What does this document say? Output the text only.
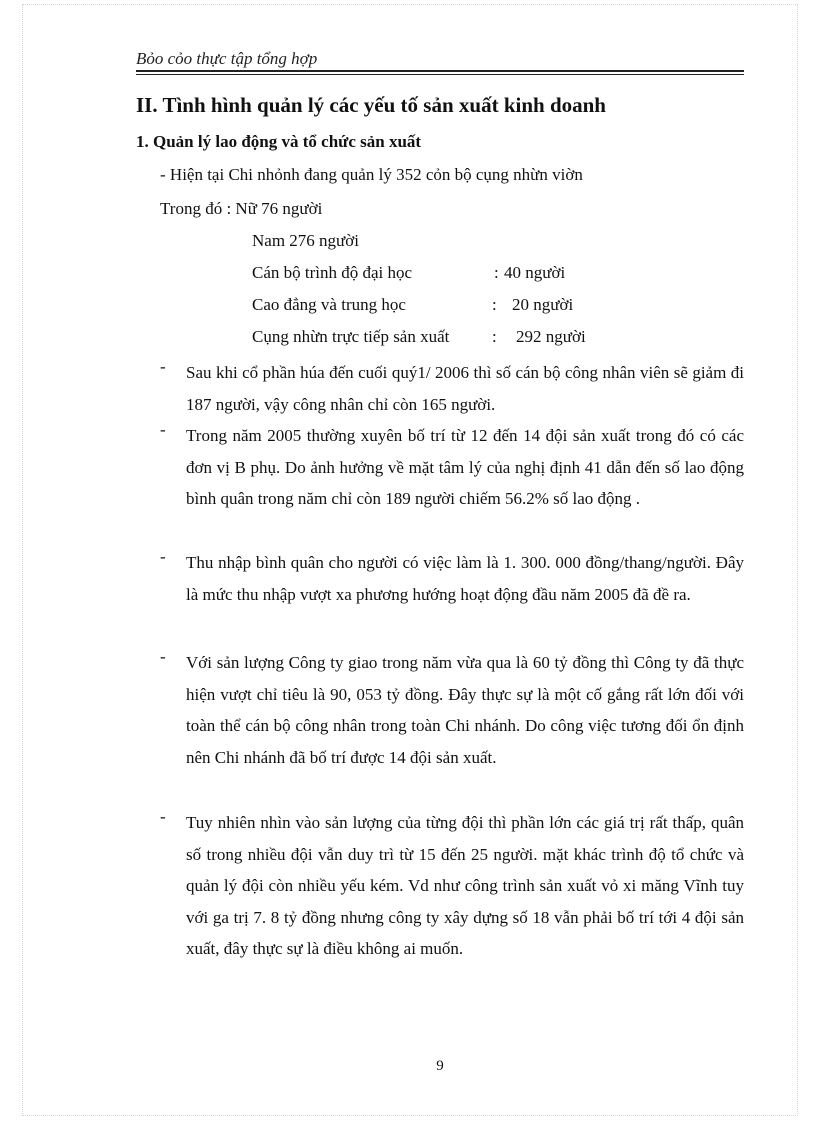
Bỏo cỏo thực tập tổng hợp
II. Tình hình quản lý các yếu tố sản xuất kinh doanh
1. Quản lý lao động và tổ chức sản xuất
- Hiện tại Chi nhỏnh đang quản lý 352 cỏn bộ cụng nhừn viờn
Trong đó : Nữ 76 người
Nam 276 người
Cán bộ trình độ đại học	: 40 người
Cao đẳng và trung học	: 20 người
Cụng nhừn trực tiếp sản xuất	: 292 người
- Sau khi cổ phần húa đến cuối quý1/ 2006 thì số cán bộ công nhân viên sẽ giảm đi 187 người, vậy công nhân chỉ còn 165 người.
- Trong năm 2005 thường xuyên bố trí từ 12 đến 14 đội sản xuất trong đó có các đơn vị B phụ. Do ảnh hưởng về mặt tâm lý của nghị định 41 dẫn đến số lao động bình quân trong năm chỉ còn 189 người chiếm 56.2% số lao động .
- Thu nhập bình quân cho người có việc làm là 1. 300. 000 đồng/thang/người. Đây là mức thu nhập vượt xa phương hướng hoạt động đầu năm 2005 đã đề ra.
- Với sản lượng Công ty giao trong năm vừa qua là 60 tỷ đồng thì Công ty đã thực hiện vượt chỉ tiêu là 90, 053 tỷ đồng. Đây thực sự là một cố gắng rất lớn đối với toàn thể cán bộ công nhân trong toàn Chi nhánh. Do công việc tương đối ổn định nên Chi nhánh đã bố trí được 14 đội sản xuất.
- Tuy nhiên nhìn vào sản lượng của từng đội thì phần lớn các giá trị rất thấp, quân số trong nhiều đội vẫn duy trì từ 15 đến 25 người. mặt khác trình độ tổ chức và quản lý đội còn nhiều yếu kém. Vd như công trình sản xuất vỏ xi măng Vĩnh tuy với ga trị 7. 8 tỷ đồng nhưng công ty xây dựng số 18 vẫn phải bố trí tới 4 đội sản xuất, đây thực sự là điều không ai muốn.
9
